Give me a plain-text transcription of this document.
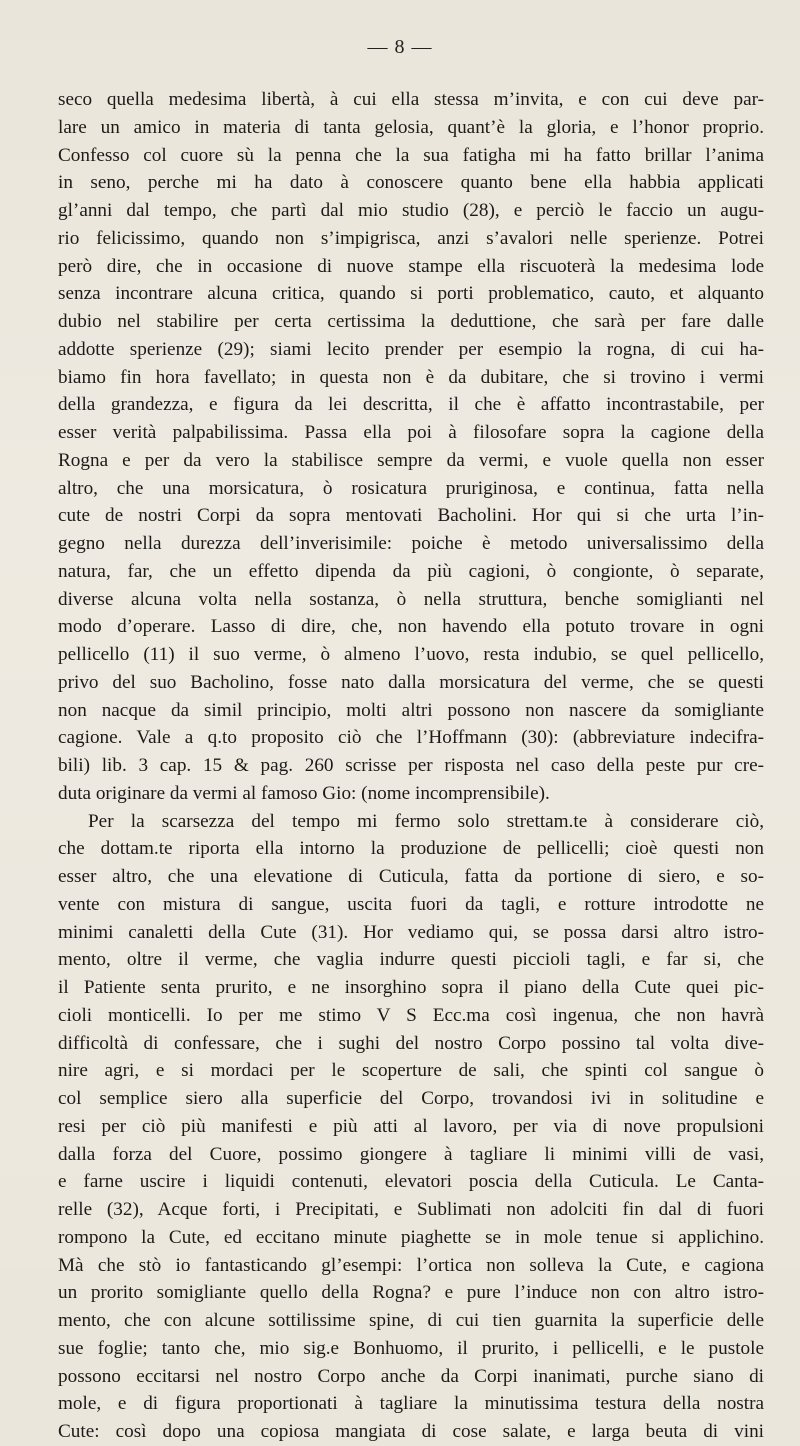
— 8 —
seco quella medesima libertà, à cui ella stessa m’invita, e con cui deve par-
lare un amico in materia di tanta gelosia, quant’è la gloria, e l’honor proprio.
Confesso col cuore sù la penna che la sua fatigha mi ha fatto brillar l’anima
in seno, perche mi ha dato à conoscere quanto bene ella habbia applicati
gl’anni dal tempo, che partì dal mio studio (28), e perciò le faccio un augu-
rio felicissimo, quando non s’impigrisca, anzi s’avalori nelle sperienze. Potrei
però dire, che in occasione di nuove stampe ella riscuoterà la medesima lode
senza incontrare alcuna critica, quando si porti problematico, cauto, et alquanto
dubio nel stabilire per certa certissima la deduttione, che sarà per fare dalle
addotte sperienze (29); siami lecito prender per esempio la rogna, di cui ha-
biamo fin hora favellato; in questa non è da dubitare, che si trovino i vermi
della grandezza, e figura da lei descritta, il che è affatto incontrastabile, per
esser verità palpabilissima. Passa ella poi à filosofare sopra la cagione della
Rogna e per da vero la stabilisce sempre da vermi, e vuole quella non esser
altro, che una morsicatura, ò rosicatura pruriginosa, e continua, fatta nella
cute de nostri Corpi da sopra mentovati Bacholini. Hor qui si che urta l’in-
gegno nella durezza dell’inverisimile: poiche è metodo universalissimo della
natura, far, che un effetto dipenda da più cagioni, ò congionte, ò separate,
diverse alcuna volta nella sostanza, ò nella struttura, benche somiglianti nel
modo d’operare. Lasso di dire, che, non havendo ella potuto trovare in ogni
pellicello (11) il suo verme, ò almeno l’uovo, resta indubio, se quel pellicello,
privo del suo Bacholino, fosse nato dalla morsicatura del verme, che se questi
non nacque da simil principio, molti altri possono non nascere da somigliante
cagione. Vale a q.to proposito ciò che l’Hoffmann (30): (abbreviature indecifra-
bili) lib. 3 cap. 15 & pag. 260 scrisse per risposta nel caso della peste pur cre-
duta originare da vermi al famoso Gio: (nome incomprensibile).
Per la scarsezza del tempo mi fermo solo strettam.te à considerare ciò,
che dottam.te riporta ella intorno la produzione de pellicelli; cioè questi non
esser altro, che una elevatione di Cuticula, fatta da portione di siero, e so-
vente con mistura di sangue, uscita fuori da tagli, e rotture introdotte ne
minimi canaletti della Cute (31). Hor vediamo qui, se possa darsi altro istro-
mento, oltre il verme, che vaglia indurre questi piccioli tagli, e far si, che
il Patiente senta prurito, e ne insorghino sopra il piano della Cute quei pic-
cioli monticelli. Io per me stimo V S Ecc.ma così ingenua, che non havrà
difficoltà di confessare, che i sughi del nostro Corpo possino tal volta dive-
nire agri, e si mordaci per le scoperture de sali, che spinti col sangue ò
col semplice siero alla superficie del Corpo, trovandosi ivi in solitudine e
resi per ciò più manifesti e più atti al lavoro, per via di nove propulsioni
dalla forza del Cuore, possimo giongere à tagliare li minimi villi de vasi,
e farne uscire i liquidi contenuti, elevatori poscia della Cuticula. Le Canta-
relle (32), Acque forti, i Precipitati, e Sublimati non adolciti fin dal di fuori
rompono la Cute, ed eccitano minute piaghette se in mole tenue si applichino.
Mà che stò io fantasticando gl’esempi: l’ortica non solleva la Cute, e cagiona
un prorito somigliante quello della Rogna? e pure l’induce non con altro istro-
mento, che con alcune sottilissime spine, di cui tien guarnita la superficie delle
sue foglie; tanto che, mio sig.e Bonhuomo, il prurito, i pellicelli, e le pustole
possono eccitarsi nel nostro Corpo anche da Corpi inanimati, purche siano di
mole, e di figura proportionati à tagliare la minutissima testura della nostra
Cute: così dopo una copiosa mangiata di cose salate, e larga beuta di vini
